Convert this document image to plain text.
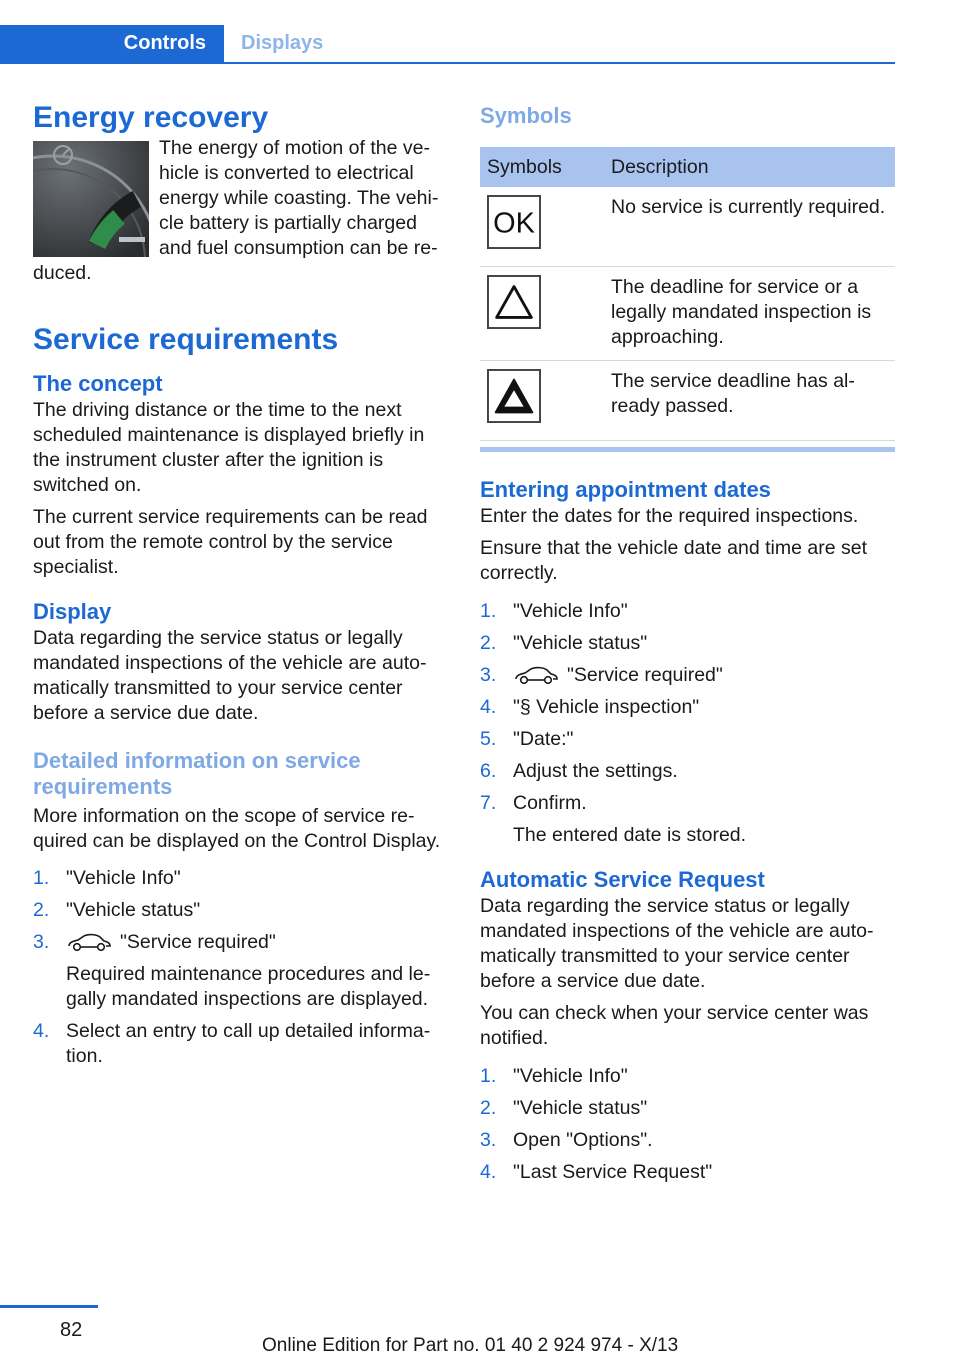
Controls	Displays
Energy recovery

The energy of motion of the vehicle is converted to electrical energy while coasting. The vehicle battery is partially charged and fuel consumption can be reduced.

Service requirements
The concept

The driving distance or the time to the next scheduled maintenance is displayed briefly in the instrument cluster after the ignition is switched on.

The current service requirements can be read out from the remote control by the service specialist.

Display

Data regarding the service status or legally mandated inspections of the vehicle are automatically transmitted to your service center before a service due date.

Detailed information on service requirements

More information on the scope of service required can be displayed on the Control Display.

1. "Vehicle Info"
2. "Vehicle status"
3.	"Service required"
Required maintenance procedures and legally mandated inspections are displayed.
4. Select an entry to call up detailed information.
Symbols
Symbols	Description

OK	No service is currently required.
	The deadline for service or a legally mandated inspection is approaching.
	The service deadline has already passed.
Entering appointment dates

Enter the dates for the required inspections.

Ensure that the vehicle date and time are set correctly.

1. "Vehicle Info"
2. "Vehicle status"
3.	"Service required"
4. "§ Vehicle inspection"
5. "Date:"
6. Adjust the settings.
7. Confirm.
The entered date is stored.
Automatic Service Request

Data regarding the service status or legally mandated inspections of the vehicle are automatically transmitted to your service center before a service due date.

You can check when your service center was notified.

1. "Vehicle Info"
2. "Vehicle status"
3. Open "Options".
4. "Last Service Request"
82
Online Edition for Part no. 01 40 2 924 974 - X/13
